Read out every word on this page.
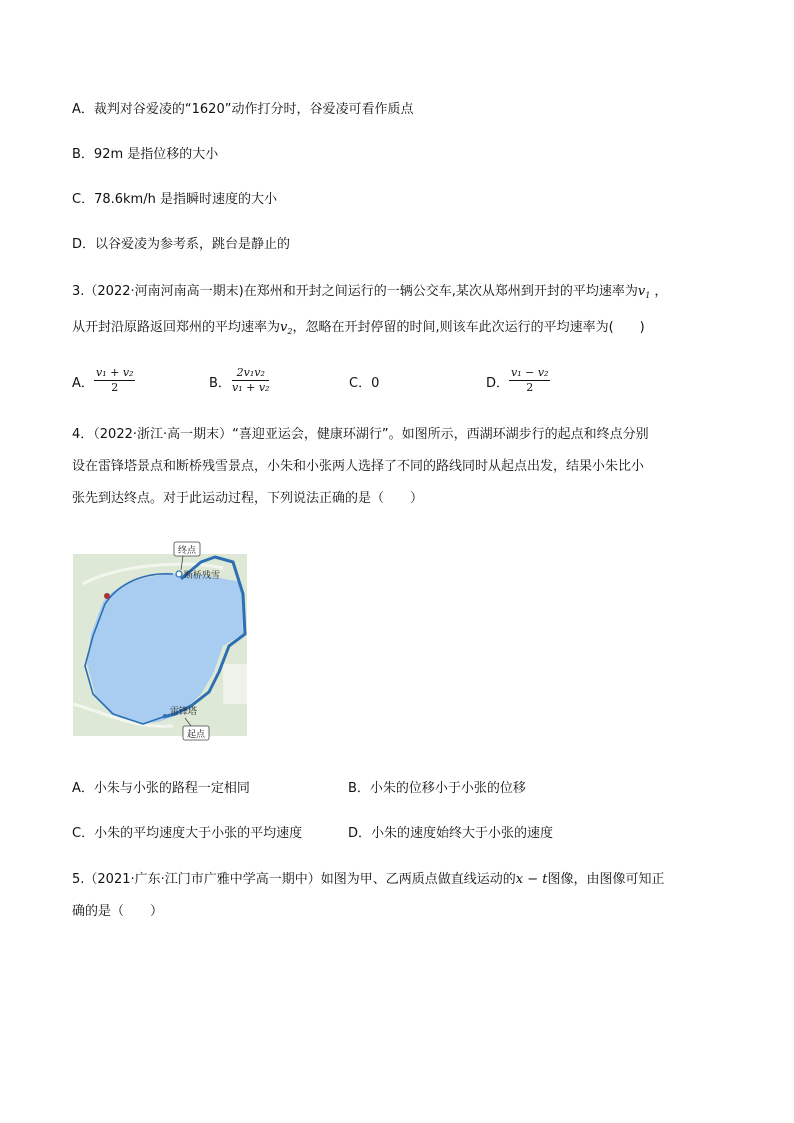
A．裁判对谷爱凌的“1620”动作打分时，谷爱凌可看作质点
B．92m 是指位移的大小
C．78.6km/h 是指瞬时速度的大小
D．以谷爱凌为参考系，跳台是静止的
3.（2022·河南河南高一期末)在郑州和开封之间运行的一辆公交车,某次从郑州到开封的平均速率为$v_1$ ，
从开封沿原路返回郑州的平均速率为$v_2$，忽略在开封停留的时间,则该车此次运行的平均速率为(　　)
A． $\frac{\text{v₁ + v₂}}{2}$	B． $\frac{\text{2v₁v₂}}{\text{v₁ + v₂}}$	C．0	D． $\frac{\text{v₁ − v₂}}{2}$
4．（2022·浙江·高一期末）“喜迎亚运会，健康环湖行”。如图所示，西湖环湖步行的起点和终点分别
设在雷锋塔景点和断桥残雪景点，小朱和小张两人选择了不同的路线同时从起点出发，结果小朱比小
张先到达终点。对于此运动过程，下列说法正确的是（　　）
终点
断桥残雪
雷锋塔
起点
A．小朱与小张的路程一定相同	B．小朱的位移小于小张的位移
C．小朱的平均速度大于小张的平均速度	D．小朱的速度始终大于小张的速度
5.（2021·广东·江门市广雅中学高一期中）如图为甲、乙两质点做直线运动的x − t图像，由图像可知正
确的是（　　）
